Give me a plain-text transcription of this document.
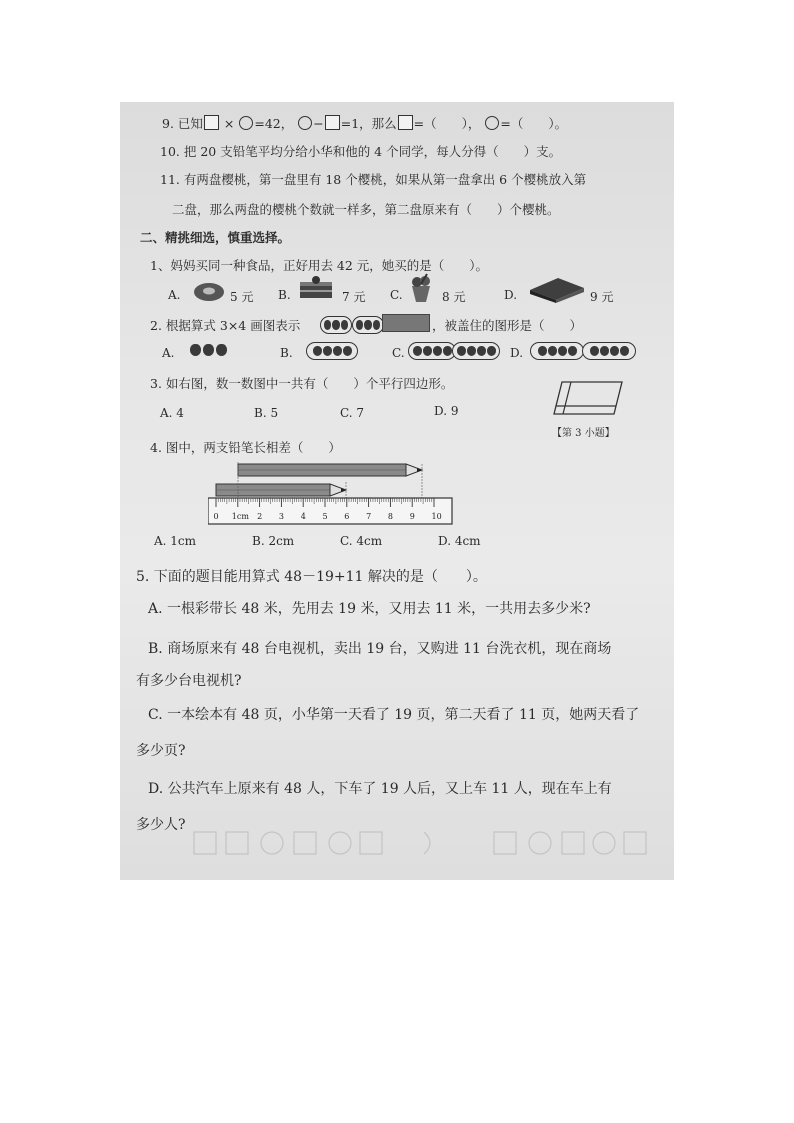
9. 已知 × =42， − =1，那么 =（　　）， =（　　）。
10. 把 20 支铅笔平均分给小华和他的 4 个同学，每人分得（　　）支。
11. 有两盘樱桃，第一盘里有 18 个樱桃，如果从第一盘拿出 6 个樱桃放入第
二盘，那么两盘的樱桃个数就一样多，第二盘原来有（　　）个樱桃。
二、精挑细选，慎重选择。
1、妈妈买同一种食品，正好用去 42 元，她买的是（　　）。
A.	5 元 B.	7 元 C.	8 元	D.	9 元
2. 根据算式 3×4 画图表示	，被盖住的图形是（　　）
A.	B.	C.	D.
3. 如右图，数一数图中一共有（　　）个平行四边形。
A. 4	B. 5	C. 7	D. 9
【第 3 小题】
4. 图中，两支铅笔长相差（　　）
0 1cm 2 3 4 5 6 7 8 9 10
A. 1cm	B. 2cm	C. 4cm	D. 4cm
5. 下面的题目能用算式 48－19+11 解决的是（　　）。
A. 一根彩带长 48 米，先用去 19 米，又用去 11 米，一共用去多少米?
B. 商场原来有 48 台电视机，卖出 19 台，又购进 11 台洗衣机，现在商场
有多少台电视机?
C. 一本绘本有 48 页，小华第一天看了 19 页，第二天看了 11 页，她两天看了
多少页?
D. 公共汽车上原来有 48 人，下车了 19 人后，又上车 11 人，现在车上有
多少人?
